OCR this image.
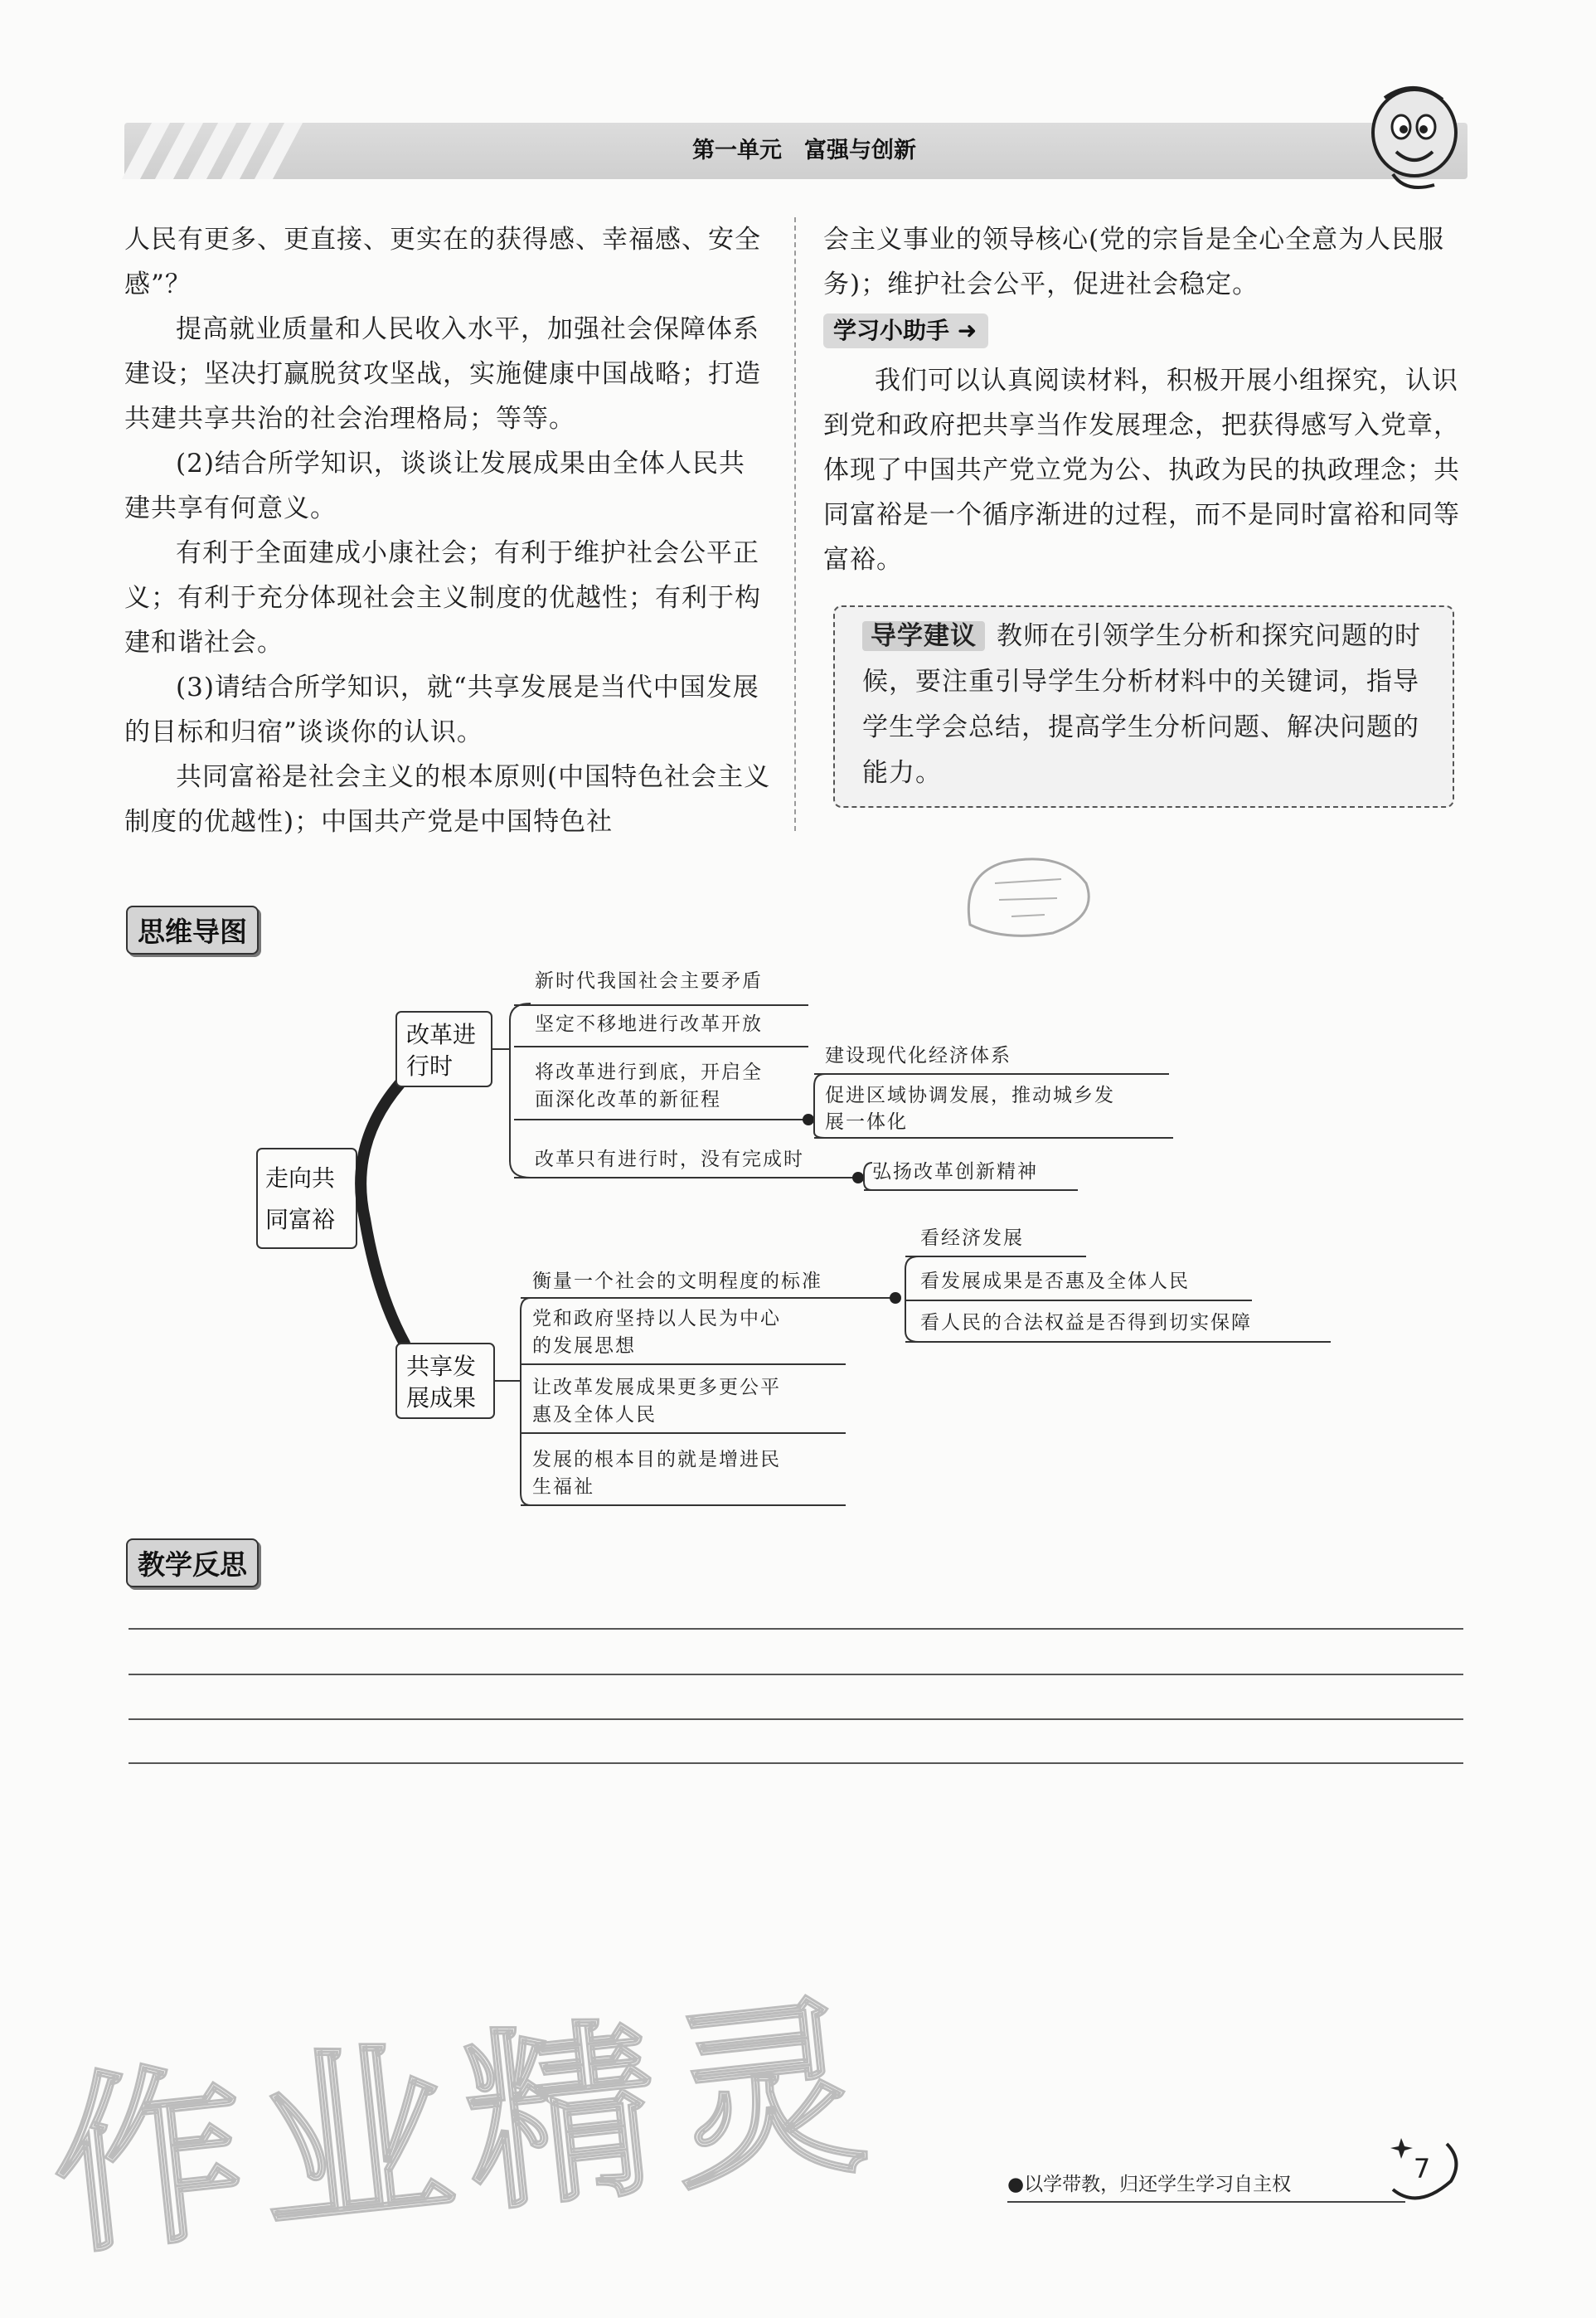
第一单元　富强与创新

人民有更多、更直接、更实在的获得感、幸福感、安全感”？

提高就业质量和人民收入水平，加强社会保障体系建设；坚决打赢脱贫攻坚战，实施健康中国战略；打造共建共享共治的社会治理格局；等等。

(2)结合所学知识，谈谈让发展成果由全体人民共建共享有何意义。

有利于全面建成小康社会；有利于维护社会公平正义；有利于充分体现社会主义制度的优越性；有利于构建和谐社会。

(3)请结合所学知识，就“共享发展是当代中国发展的目标和归宿”谈谈你的认识。

共同富裕是社会主义的根本原则(中国特色社会主义制度的优越性)；中国共产党是中国特色社

会主义事业的领导核心(党的宗旨是全心全意为人民服务)；维护社会公平，促进社会稳定。

学习小助手 ➜

我们可以认真阅读材料，积极开展小组探究，认识到党和政府把共享当作发展理念，把获得感写入党章，体现了中国共产党立党为公、执政为民的执政理念；共同富裕是一个循序渐进的过程，而不是同时富裕和同等富裕。

导学建议 教师在引领学生分析和探究问题的时候，要注重引导学生分析材料中的关键词，指导学生学会总结，提高学生分析问题、解决问题的能力。
思维导图
教学反思
走向共
同富裕
改革进
行时
新时代我国社会主要矛盾
坚定不移地进行改革开放
将改革进行到底，开启全
面深化改革的新征程
改革只有进行时，没有完成时
建设现代化经济体系
促进区域协调发展，推动城乡发
展一体化
弘扬改革创新精神
共享发
展成果
衡量一个社会的文明程度的标准
党和政府坚持以人民为中心
的发展思想
让改革发展成果更多更公平
惠及全体人民
发展的根本目的就是增进民
生福祉
看经济发展
看发展成果是否惠及全体人民
看人民的合法权益是否得到切实保障
作业精灵	●以学带教，归还学生学习自主权	7
